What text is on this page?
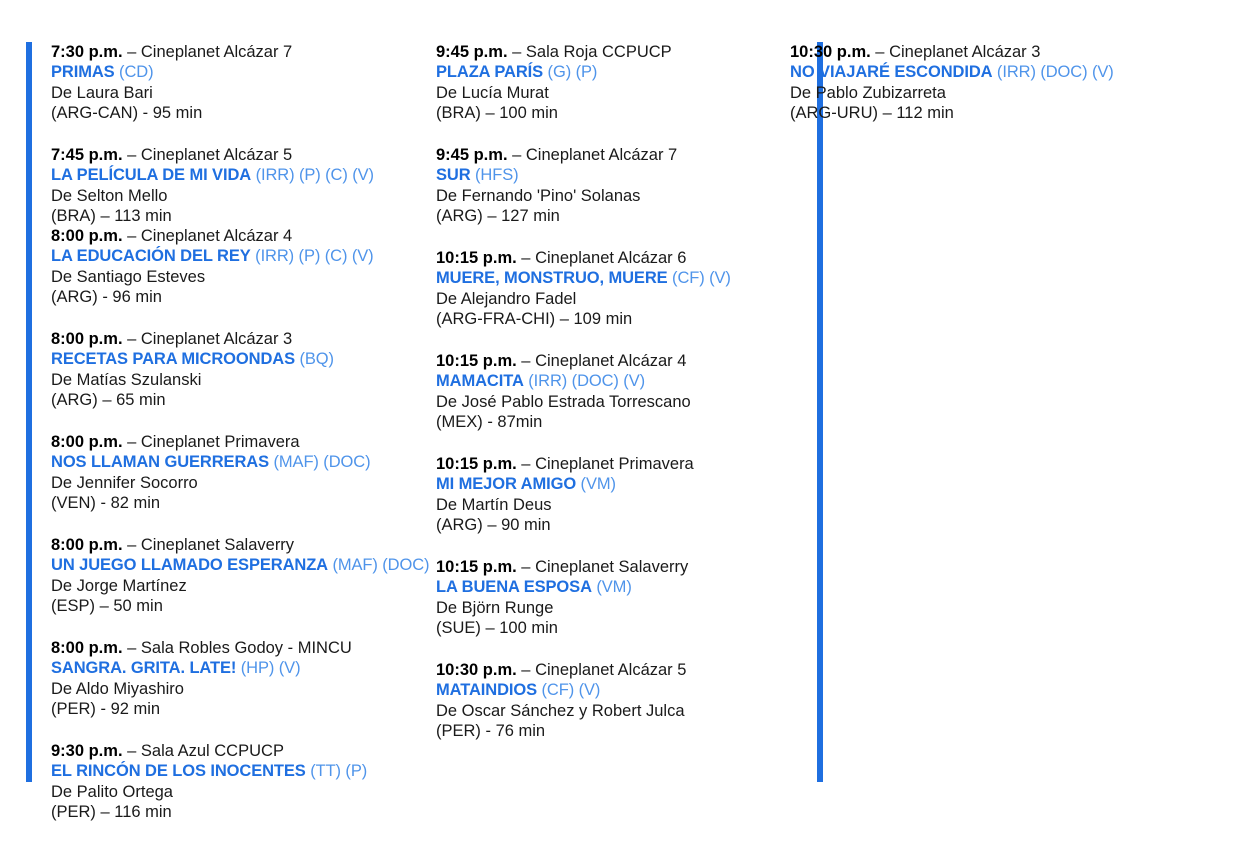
7:30 p.m. – Cineplanet Alcázar 7
PRIMAS (CD)
De Laura Bari
(ARG-CAN) - 95 min
7:45 p.m. – Cineplanet Alcázar 5
LA PELÍCULA DE MI VIDA (IRR) (P) (C) (V)
De Selton Mello
(BRA) – 113 min
8:00 p.m. – Cineplanet Alcázar 4
LA EDUCACIÓN DEL REY (IRR) (P) (C) (V)
De Santiago Esteves
(ARG) - 96 min
8:00 p.m. – Cineplanet Alcázar 3
RECETAS PARA MICROONDAS (BQ)
De Matías Szulanski
(ARG) – 65 min
8:00 p.m. – Cineplanet Primavera
NOS LLAMAN GUERRERAS (MAF) (DOC)
De Jennifer Socorro
(VEN) - 82 min
8:00 p.m. – Cineplanet Salaverry
UN JUEGO LLAMADO ESPERANZA (MAF) (DOC)
De Jorge Martínez
(ESP) – 50 min
8:00 p.m. – Sala Robles Godoy - MINCU
SANGRA. GRITA. LATE! (HP) (V)
De Aldo Miyashiro
(PER) - 92 min
9:30 p.m. – Sala Azul CCPUCP
EL RINCÓN DE LOS INOCENTES (TT) (P)
De Palito Ortega
(PER) – 116 min
9:45 p.m. – Sala Roja CCPUCP
PLAZA PARÍS (G) (P)
De Lucía Murat
(BRA) – 100 min
9:45 p.m. – Cineplanet Alcázar 7
SUR (HFS)
De Fernando 'Pino' Solanas
(ARG) – 127 min
10:15 p.m. – Cineplanet Alcázar 6
MUERE, MONSTRUO, MUERE (CF) (V)
De Alejandro Fadel
(ARG-FRA-CHI) – 109 min
10:15 p.m. – Cineplanet Alcázar 4
MAMACITA (IRR) (DOC) (V)
De José Pablo Estrada Torrescano
(MEX) - 87min
10:15 p.m. – Cineplanet Primavera
MI MEJOR AMIGO (VM)
De Martín Deus
(ARG) – 90 min
10:15 p.m. – Cineplanet Salaverry
LA BUENA ESPOSA (VM)
De Björn Runge
(SUE) – 100 min
10:30 p.m. – Cineplanet Alcázar 5
MATAINDIOS (CF) (V)
De Oscar Sánchez y Robert Julca
(PER) - 76 min
10:30 p.m. – Cineplanet Alcázar 3
NO VIAJARÉ ESCONDIDA (IRR) (DOC) (V)
De Pablo Zubizarreta
(ARG-URU) – 112 min
